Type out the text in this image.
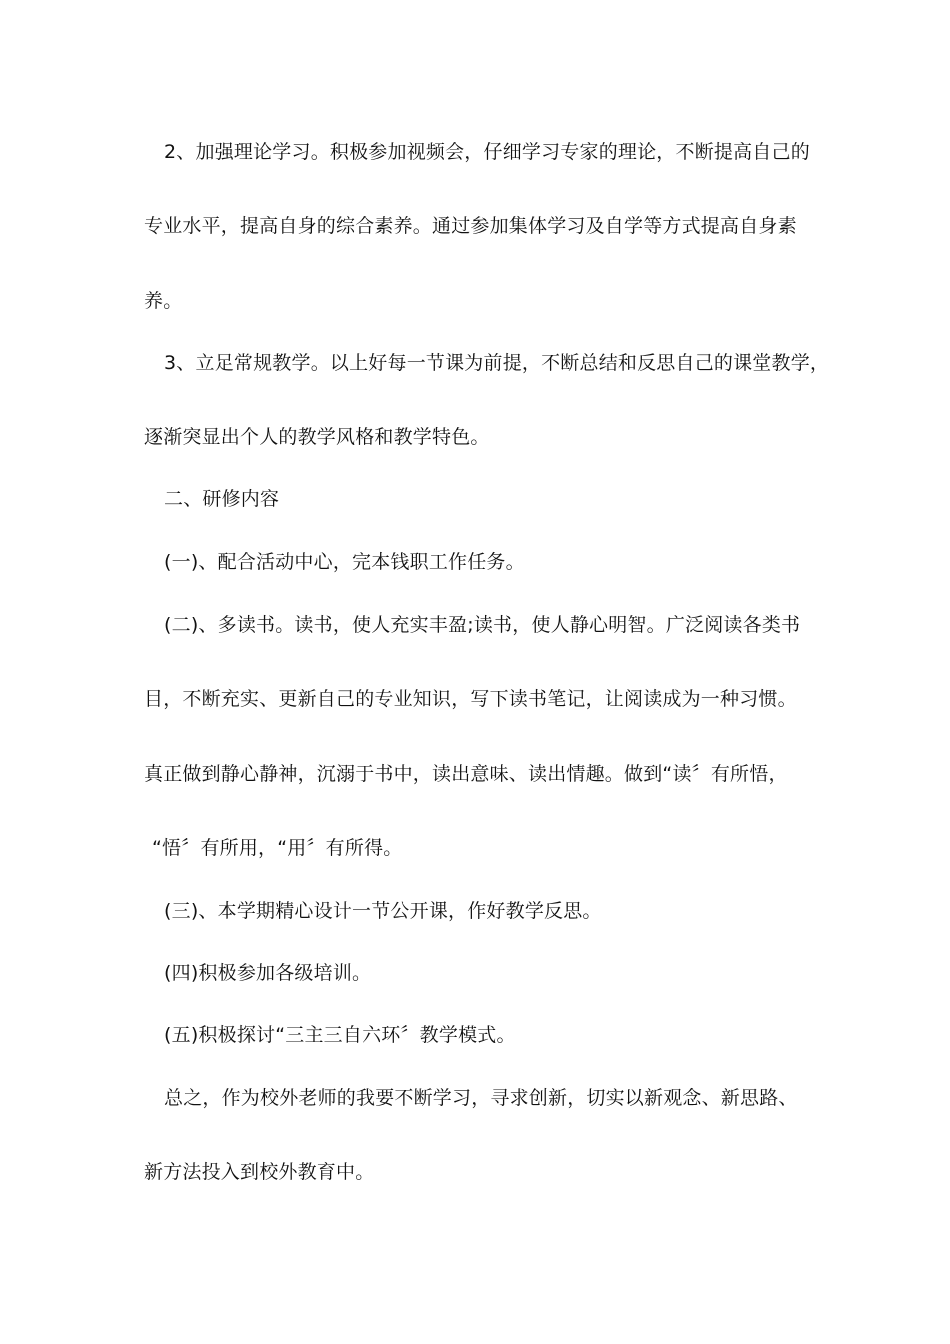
2、加强理论学习。积极参加视频会，仔细学习专家的理论，不断提高自己的
专业水平，提高自身的综合素养。通过参加集体学习及自学等方式提高自身素
养。
3、立足常规教学。以上好每一节课为前提，不断总结和反思自己的课堂教学，
逐渐突显出个人的教学风格和教学特色。
二、研修内容
(一)、配合活动中心，完本钱职工作任务。
(二)、多读书。读书，使人充实丰盈;读书，使人静心明智。广泛阅读各类书
目，不断充实、更新自己的专业知识，写下读书笔记，让阅读成为一种习惯。
真正做到静心静神，沉溺于书中，读出意味、读出情趣。做到“读〞有所悟，
“悟〞有所用，“用〞有所得。
(三)、本学期精心设计一节公开课，作好教学反思。
(四)积极参加各级培训。
(五)积极探讨“三主三自六环〞教学模式。
总之，作为校外老师的我要不断学习，寻求创新，切实以新观念、新思路、
新方法投入到校外教育中。
